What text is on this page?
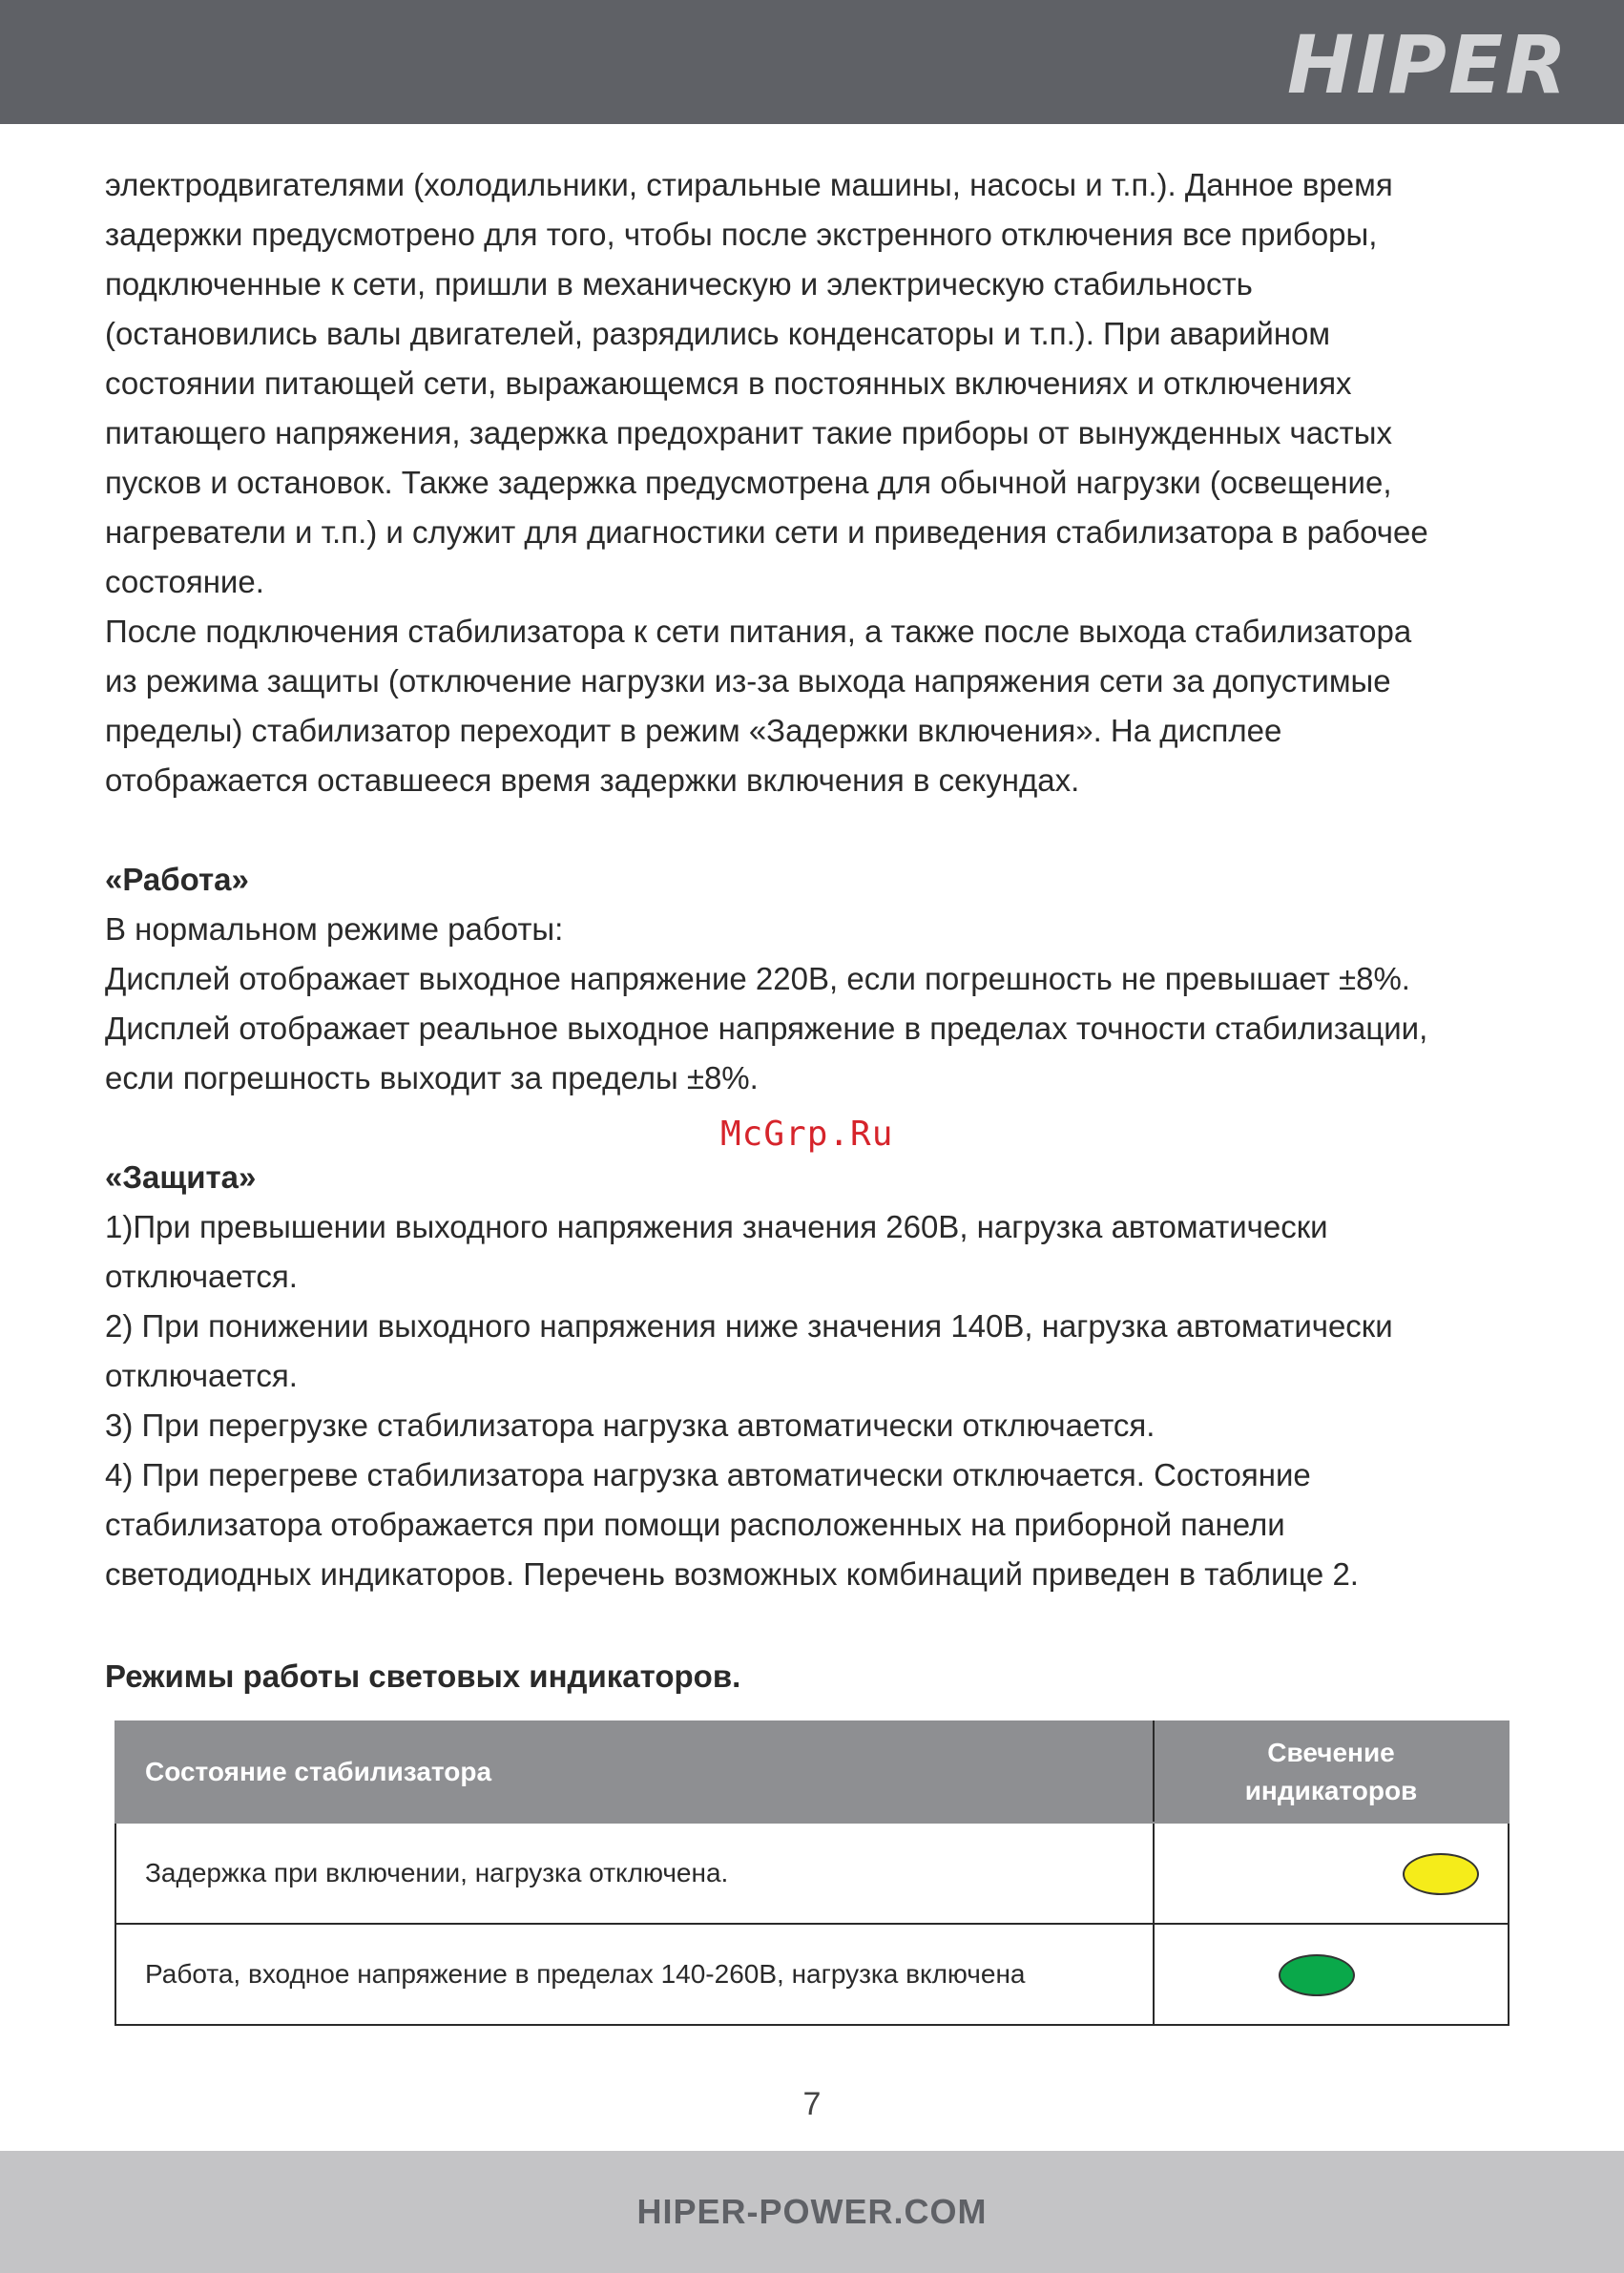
HIPER

электродвигателями (холодильники, стиральные машины, насосы и т.п.). Данное время

задержки предусмотрено для того, чтобы после экстренного отключения все приборы,

подключенные к сети, пришли в механическую и электрическую стабильность

(остановились валы двигателей, разрядились конденсаторы и т.п.). При аварийном

состоянии питающей сети, выражающемся в постоянных включениях и отключениях

питающего напряжения, задержка предохранит такие приборы от вынужденных частых

пусков и остановок. Также задержка предусмотрена для обычной нагрузки (освещение,

нагреватели и т.п.) и служит для диагностики сети и приведения стабилизатора в рабочее

состояние.

После подключения стабилизатора к сети питания, а также после выхода стабилизатора

из режима защиты (отключение нагрузки из-за выхода напряжения сети за допустимые

пределы) стабилизатор переходит в режим «Задержки включения». На дисплее

отображается оставшееся время задержки включения в секундах.

«Работа»

В нормальном режиме работы:

Дисплей отображает выходное напряжение 220В, если погрешность не превышает ±8%.

Дисплей отображает реальное выходное напряжение в пределах точности стабилизации,

если погрешность выходит за пределы ±8%.

«Защита»

1)При превышении выходного напряжения значения 260В, нагрузка автоматически

отключается.

2) При понижении выходного напряжения ниже значения 140В, нагрузка автоматически

отключается.

3) При перегрузке стабилизатора нагрузка автоматически отключается.

4) При перегреве стабилизатора нагрузка автоматически отключается. Состояние

стабилизатора отображается при помощи расположенных на приборной панели

светодиодных индикаторов. Перечень возможных комбинаций приведен в таблице 2.

McGrp.Ru
Режимы работы световых индикаторов.
Состояние стабилизатора	Свечение
индикаторов
Задержка при включении, нагрузка отключена.	

Работа, входное напряжение в пределах 140-260В, нагрузка включена	
7
HIPER-POWER.COM
